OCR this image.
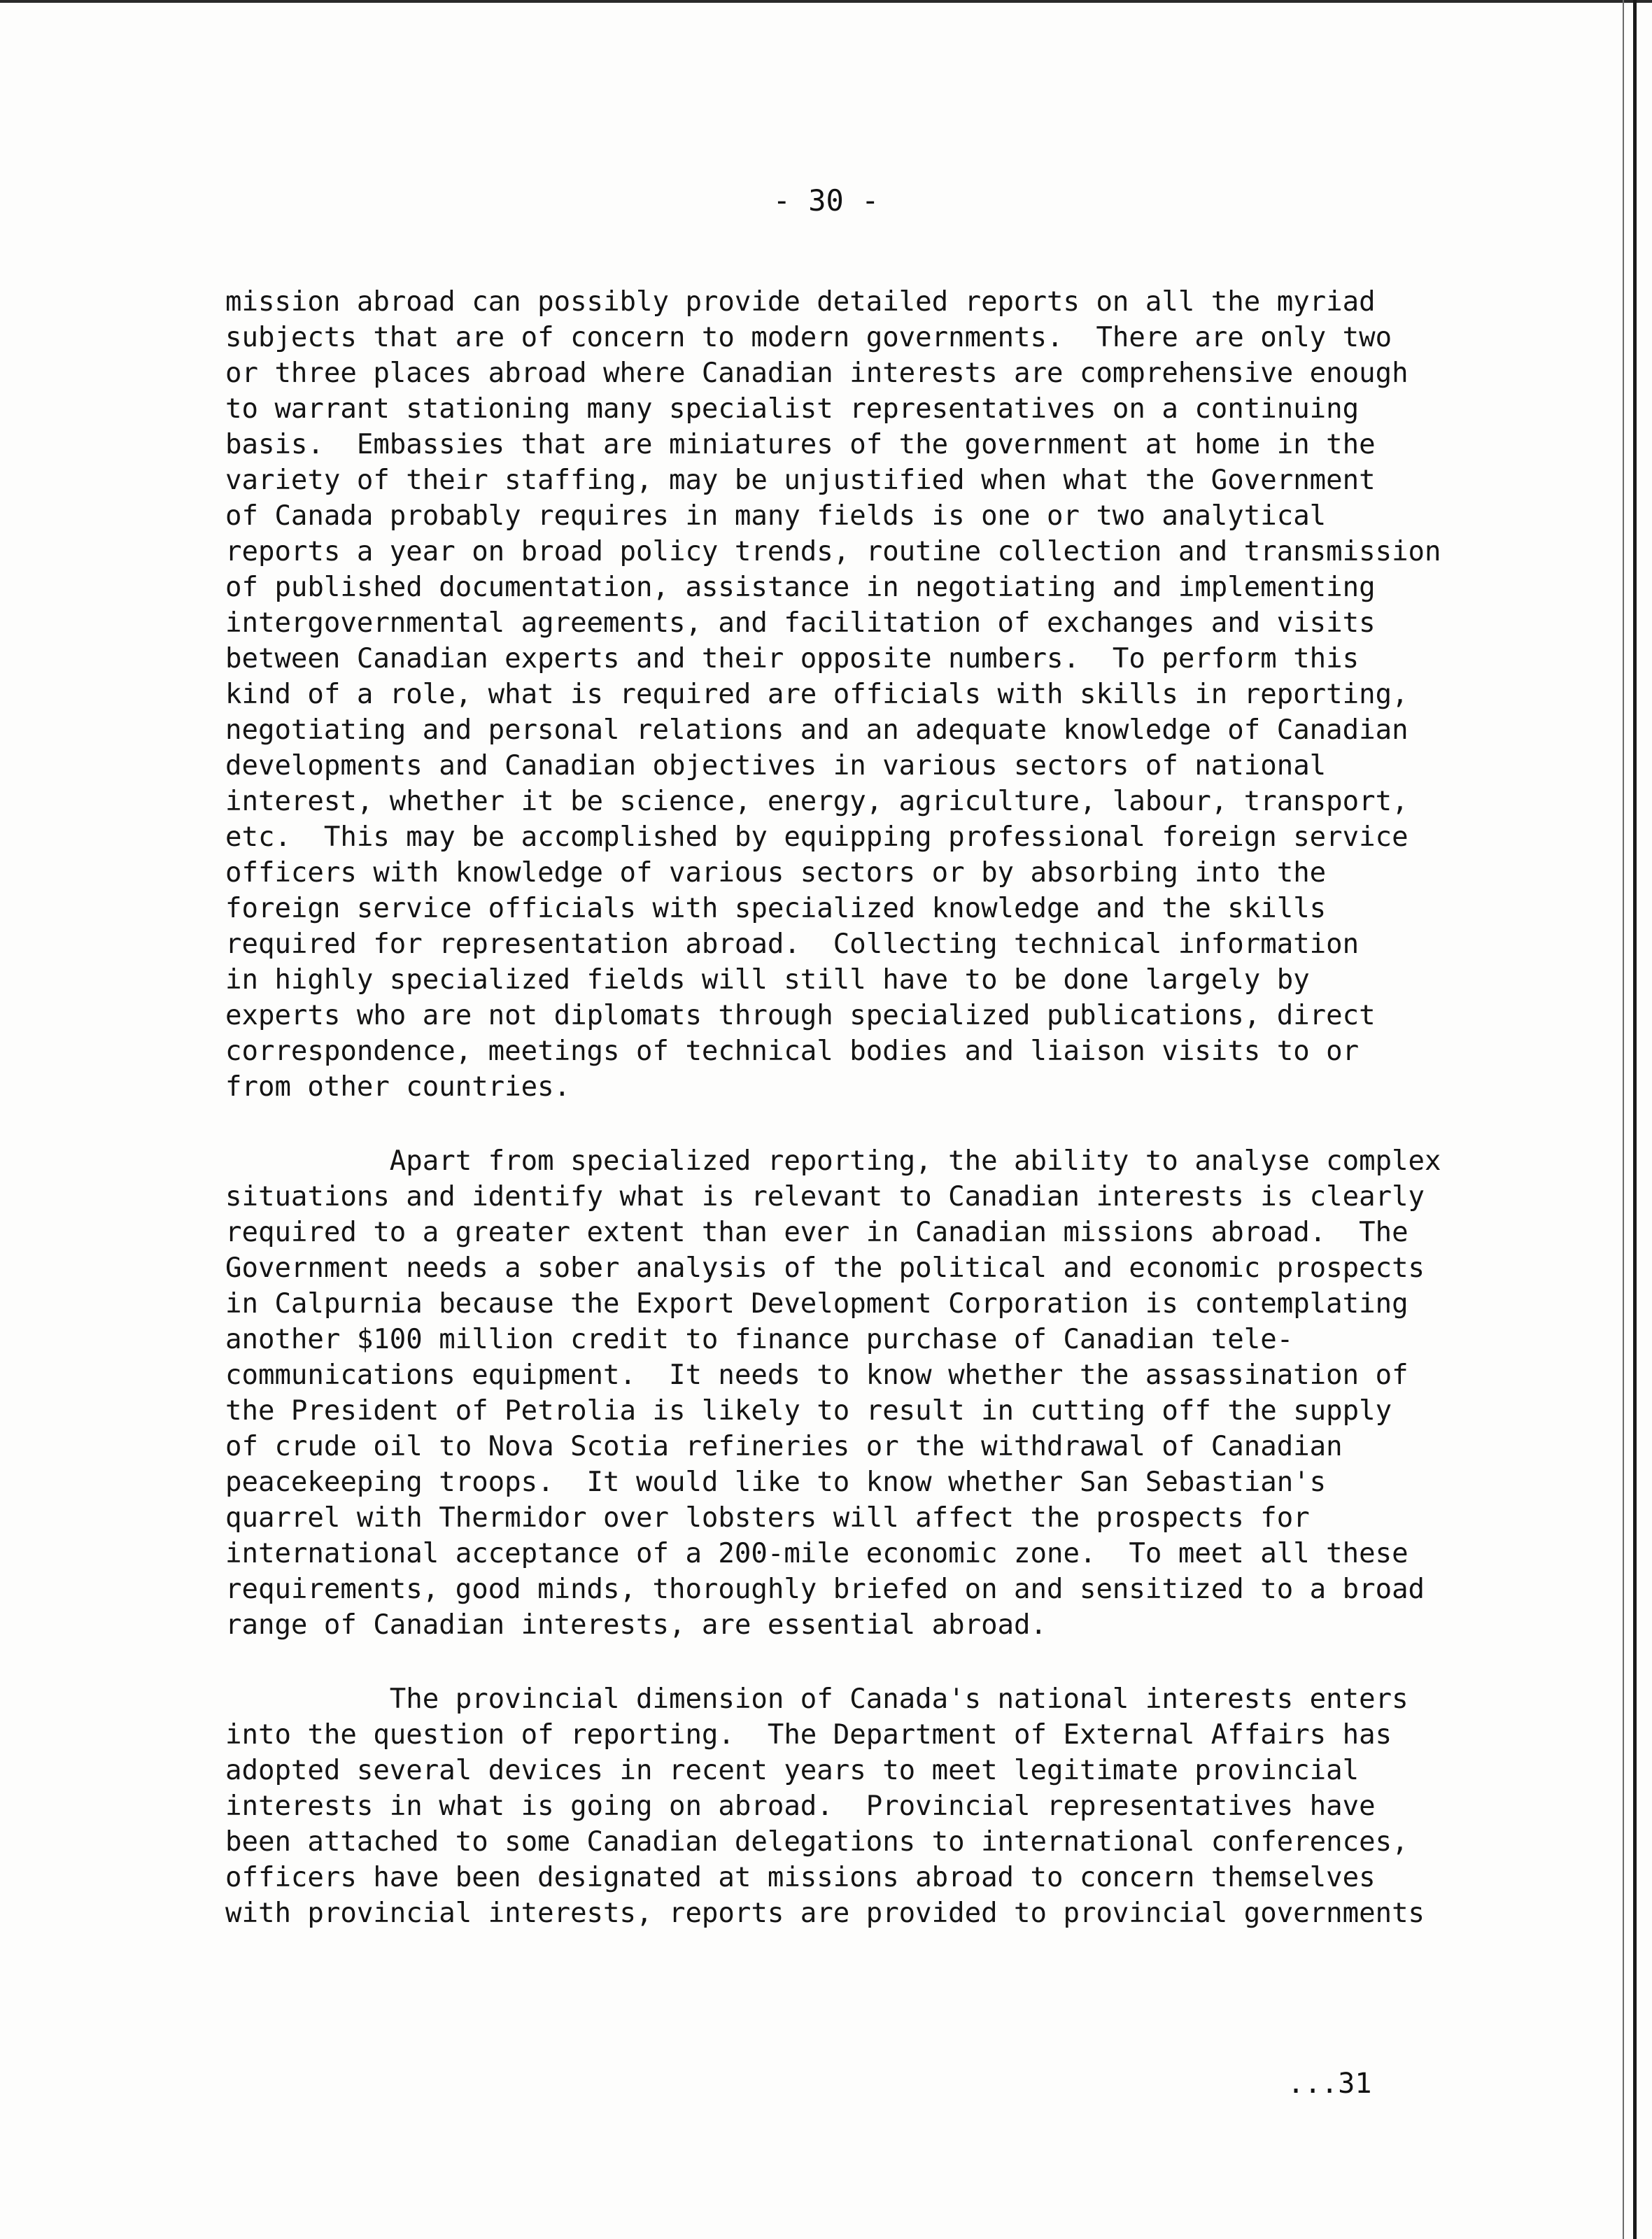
- 30 -
mission abroad can possibly provide detailed reports on all the myriad
subjects that are of concern to modern governments.  There are only two
or three places abroad where Canadian interests are comprehensive enough
to warrant stationing many specialist representatives on a continuing
basis.  Embassies that are miniatures of the government at home in the
variety of their staffing, may be unjustified when what the Government
of Canada probably requires in many fields is one or two analytical
reports a year on broad policy trends, routine collection and transmission
of published documentation, assistance in negotiating and implementing
intergovernmental agreements, and facilitation of exchanges and visits
between Canadian experts and their opposite numbers.  To perform this
kind of a role, what is required are officials with skills in reporting,
negotiating and personal relations and an adequate knowledge of Canadian
developments and Canadian objectives in various sectors of national
interest, whether it be science, energy, agriculture, labour, transport,
etc.  This may be accomplished by equipping professional foreign service
officers with knowledge of various sectors or by absorbing into the
foreign service officials with specialized knowledge and the skills
required for representation abroad.  Collecting technical information
in highly specialized fields will still have to be done largely by
experts who are not diplomats through specialized publications, direct
correspondence, meetings of technical bodies and liaison visits to or
from other countries.
Apart from specialized reporting, the ability to analyse complex
situations and identify what is relevant to Canadian interests is clearly
required to a greater extent than ever in Canadian missions abroad.  The
Government needs a sober analysis of the political and economic prospects
in Calpurnia because the Export Development Corporation is contemplating
another $100 million credit to finance purchase of Canadian tele-
communications equipment.  It needs to know whether the assassination of
the President of Petrolia is likely to result in cutting off the supply
of crude oil to Nova Scotia refineries or the withdrawal of Canadian
peacekeeping troops.  It would like to know whether San Sebastian's
quarrel with Thermidor over lobsters will affect the prospects for
international acceptance of a 200-mile economic zone.  To meet all these
requirements, good minds, thoroughly briefed on and sensitized to a broad
range of Canadian interests, are essential abroad.
The provincial dimension of Canada's national interests enters
into the question of reporting.  The Department of External Affairs has
adopted several devices in recent years to meet legitimate provincial
interests in what is going on abroad.  Provincial representatives have
been attached to some Canadian delegations to international conferences,
officers have been designated at missions abroad to concern themselves
with provincial interests, reports are provided to provincial governments
...31
